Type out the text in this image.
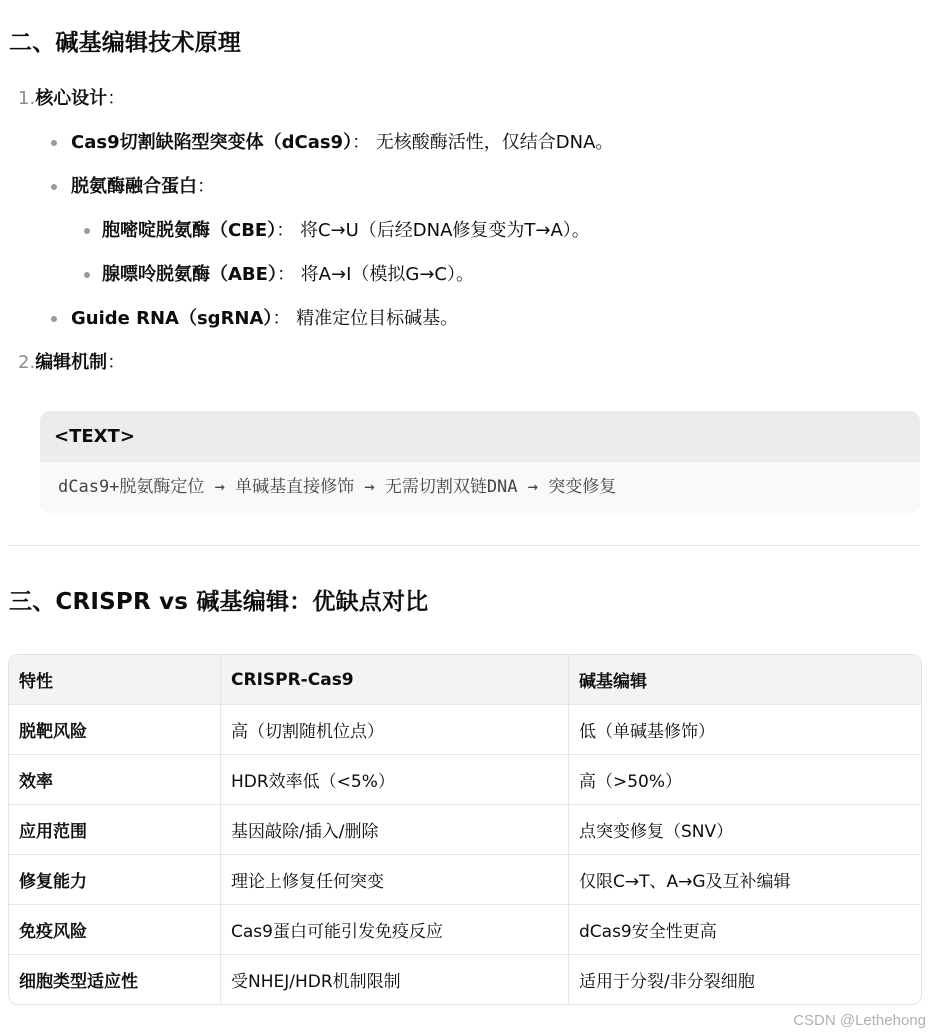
二、碱基编辑技术原理
1.核心设计：
Cas9切割缺陷型突变体（dCas9）： 无核酸酶活性，仅结合DNA。
脱氨酶融合蛋白：
胞嘧啶脱氨酶（CBE）： 将C→U（后经DNA修复变为T→A）。
腺嘌呤脱氨酶（ABE）： 将A→I（模拟G→C）。
Guide RNA（sgRNA）： 精准定位目标碱基。
2.编辑机制：
<TEXT>
dCas9+脱氨酶定位 → 单碱基直接修饰 → 无需切割双链DNA → 突变修复
三、CRISPR vs 碱基编辑：优缺点对比
特性	CRISPR-Cas9	碱基编辑
脱靶风险	高（切割随机位点）	低（单碱基修饰）
效率	HDR效率低（<5%）	高（>50%）
应用范围	基因敲除/插入/删除	点突变修复（SNV）
修复能力	理论上修复任何突变	仅限C→T、A→G及互补编辑
免疫风险	Cas9蛋白可能引发免疫反应	dCas9安全性更高
细胞类型适应性	受NHEJ/HDR机制限制	适用于分裂/非分裂细胞
CSDN @Lethehong
